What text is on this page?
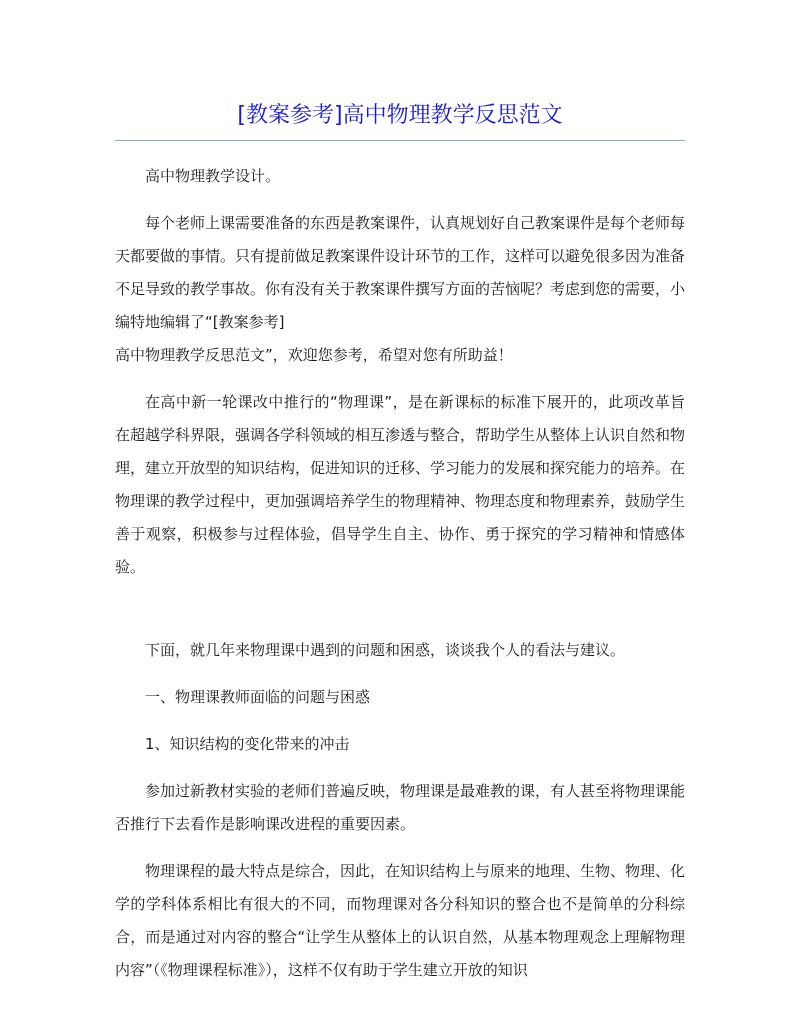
[教案参考]高中物理教学反思范文

高中物理教学设计。

每个老师上课需要准备的东西是教案课件，认真规划好自己教案课件是每个老师每天都要做的事情。只有提前做足教案课件设计环节的工作，这样可以避免很多因为准备不足导致的教学事故。你有没有关于教案课件撰写方面的苦恼呢？考虑到您的需要，小编特地编辑了“[教案参考]

高中物理教学反思范文”，欢迎您参考，希望对您有所助益！

在高中新一轮课改中推行的“物理课”，是在新课标的标准下展开的，此项改革旨在超越学科界限，强调各学科领域的相互渗透与整合，帮助学生从整体上认识自然和物理，建立开放型的知识结构，促进知识的迁移、学习能力的发展和探究能力的培养。在物理课的教学过程中，更加强调培养学生的物理精神、物理态度和物理素养，鼓励学生善于观察，积极参与过程体验，倡导学生自主、协作、勇于探究的学习精神和情感体验。

下面，就几年来物理课中遇到的问题和困惑，谈谈我个人的看法与建议。

一、物理课教师面临的问题与困惑

1、知识结构的变化带来的冲击

参加过新教材实验的老师们普遍反映，物理课是最难教的课，有人甚至将物理课能否推行下去看作是影响课改进程的重要因素。

物理课程的最大特点是综合，因此，在知识结构上与原来的地理、生物、物理、化学的学科体系相比有很大的不同，而物理课对各分科知识的整合也不是简单的分科综合，而是通过对内容的整合“让学生从整体上的认识自然，从基本物理观念上理解物理内容”（《物理课程标准》），这样不仅有助于学生建立开放的知识
